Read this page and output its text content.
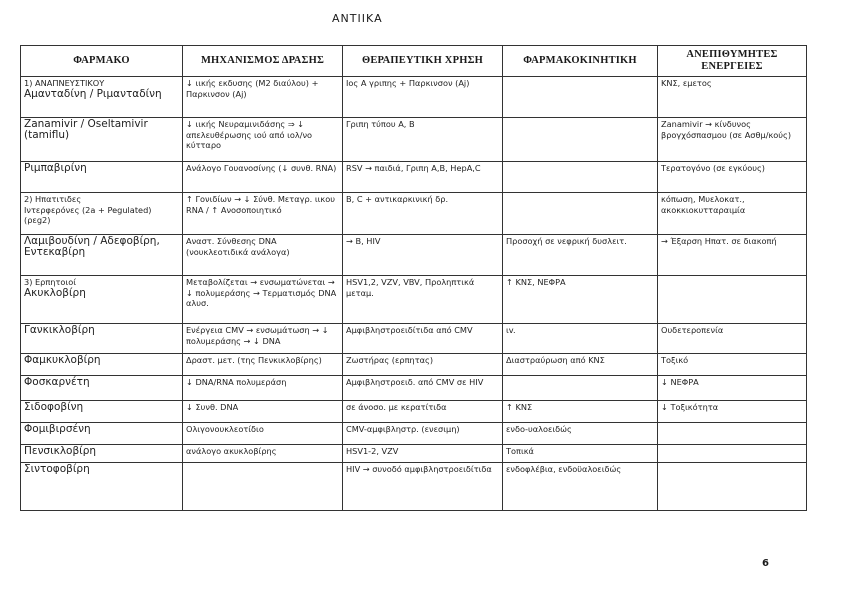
ΑΝΤΙΙΚΑ
ΦΑΡΜΑΚΟ	ΜΗΧΑΝΙΣΜΟΣ ΔΡΑΣΗΣ	ΘΕΡΑΠΕΥΤΙΚΗ ΧΡΗΣΗ	ΦΑΡΜΑΚΟΚΙΝΗΤΙΚΗ	ΑΝΕΠΙΘΥΜΗΤΕΣ ΕΝΕΡΓΕΙΕΣ

1) ΑΝΑΠΝΕΥΣΤΙΚΟΥ
Αμανταδίνη / Ριμανταδίνη	↓ ιικής εκδυσης (M2 διαύλου) + Παρκινσον (Aj)	Ιος Α γριπης + Παρκινσον (Aj)		ΚΝΣ, εμετος

Zanamivir / Oseltamivir (tamiflu)	↓ ιικής Νευραμινιδάσης ⇒ ↓ απελευθέρωσης ιού από ιολ/νο κύτταρο	Γριπη τύπου Α, Β		Zanamivir → κίνδυνος βρογχόσπασμου (σε Ασθμ/κούς)

Ριμπαβιρίνη	Ανάλογο Γουανοσίνης (↓ συνθ. RNA)	RSV → παιδιά, Γριπη Α,Β, ΗepA,C		Τερατογόνο (σε εγκύους)

2) Ηπατιτιδες
Ιντερφερόνες (2a + Pegulated) (ρεg2)	↑ Γονιδίων → ↓ Σύνθ. Μεταγρ. ιικου RNA / ↑ Ανοσοποιητικό	B, C + αντικαρκινική δρ.		κόπωση, Μυελοκατ., ακοκκιοκυτταραιμία

Λαμιβουδίνη / Αδεφοβίρη, Εντεκαβίρη	Αναστ. Σύνθεσης DNA (νουκλεοτιδικά ανάλογα)	→ B, HIV	Προσοχή σε νεφρική δυσλειτ.	→ Έξαρση Ηπατ. σε διακοπή

3) Ερπητοιοί
Ακυκλοβίρη	Μεταβολίζεται → ενσωματώνεται → ↓ πολυμεράσης → Τερματισμός DNA αλυσ.	HSV1,2, VZV, VBV, Προληπτικά μεταμ.	↑ ΚΝΣ, ΝΕΦΡΑ	

Γανκικλοβίρη	Ενέργεια CMV → ενσωμάτωση → ↓ πολυμεράσης → ↓ DNA	Αμφιβληστροειδίτιδα από CMV	ιv.	Ουδετεροπενία

Φαμκυκλοβίρη	Δραστ. μετ. (της Πενκικλοβίρης)	Ζωστήρας (ερπητας)	Διαστραύρωση από ΚΝΣ	Τοξικό

Φοσκαρνέτη	↓ DNA/RNA πολυμεράση	Αμφιβληστροειδ. από CMV σε HIV		↓ ΝΕΦΡΑ

Σιδοφοβίνη	↓ Συνθ. DNA	σε άνοσο. με κερατίτιδα	↑ ΚΝΣ	↓ Τοξικότητα

Φομιβιρσένη	Ολιγονουκλεοτίδιο	CMV-αμφιβληστρ. (ενεσιμη)	ενδο-υαλοειδώς	

Πενσικλοβίρη	ανάλογο ακυκλοβίρης	HSV1-2, VZV	Τοπικά	

Σιντοφοβίρη		HIV → συνοδό αμφιβληστροειδίτιδα	ενδοφλέβια, ενδοϋαλοειδώς	
6
